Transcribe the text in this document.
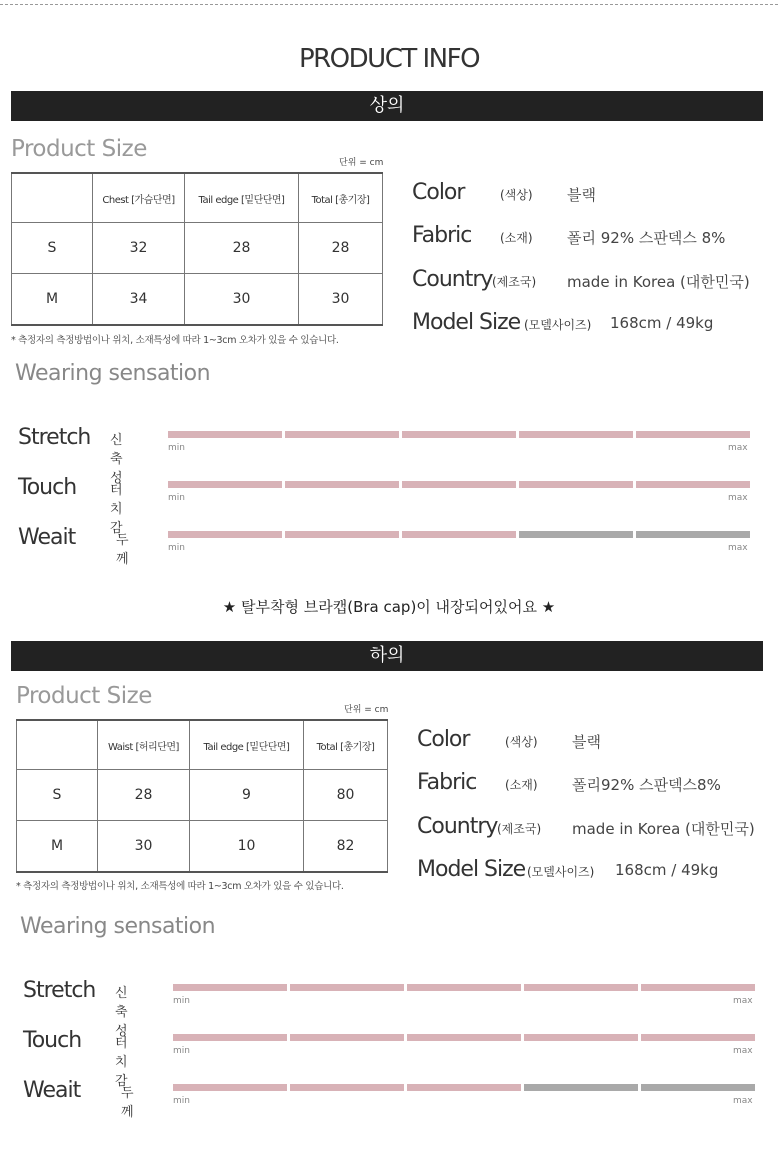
PRODUCT INFO
상의
Product Size
단위 = cm
	Chest [가슴단면]	Tail edge [밑단단면]	Total [총기장]
S	32	28	28
M	34	30	30
* 측정자의 측정방법이나 위치, 소재특성에 따라 1~3cm 오차가 있을 수 있습니다.
Color	(색상) 블랙
Fabric (소재) 폴리 92% 스판덱스 8%
Country (제조국) made in Korea (대한민국)
Model Size (모델사이즈) 168cm / 49kg
Wearing sensation
Stretch 신축성
min	max
Touch	터치감
min	max
Weait	두께
min	max
★ 탈부착형 브라캡(Bra cap)이 내장되어있어요 ★
하의
Product Size
단위 = cm
	Waist [허리단면]	Tail edge [밑단단면]	Total [총기장]
S	28	9	80
M	30	10	82
* 측정자의 측정방법이나 위치, 소재특성에 따라 1~3cm 오차가 있을 수 있습니다.
Color	(색상) 블랙
Fabric (소재) 폴리92% 스판덱스8%
Country (제조국) made in Korea (대한민국)
Model Size (모델사이즈) 168cm / 49kg
Wearing sensation
Stretch 신축성
min	max
Touch	터치감
min	max
Weait	두께
min	max
